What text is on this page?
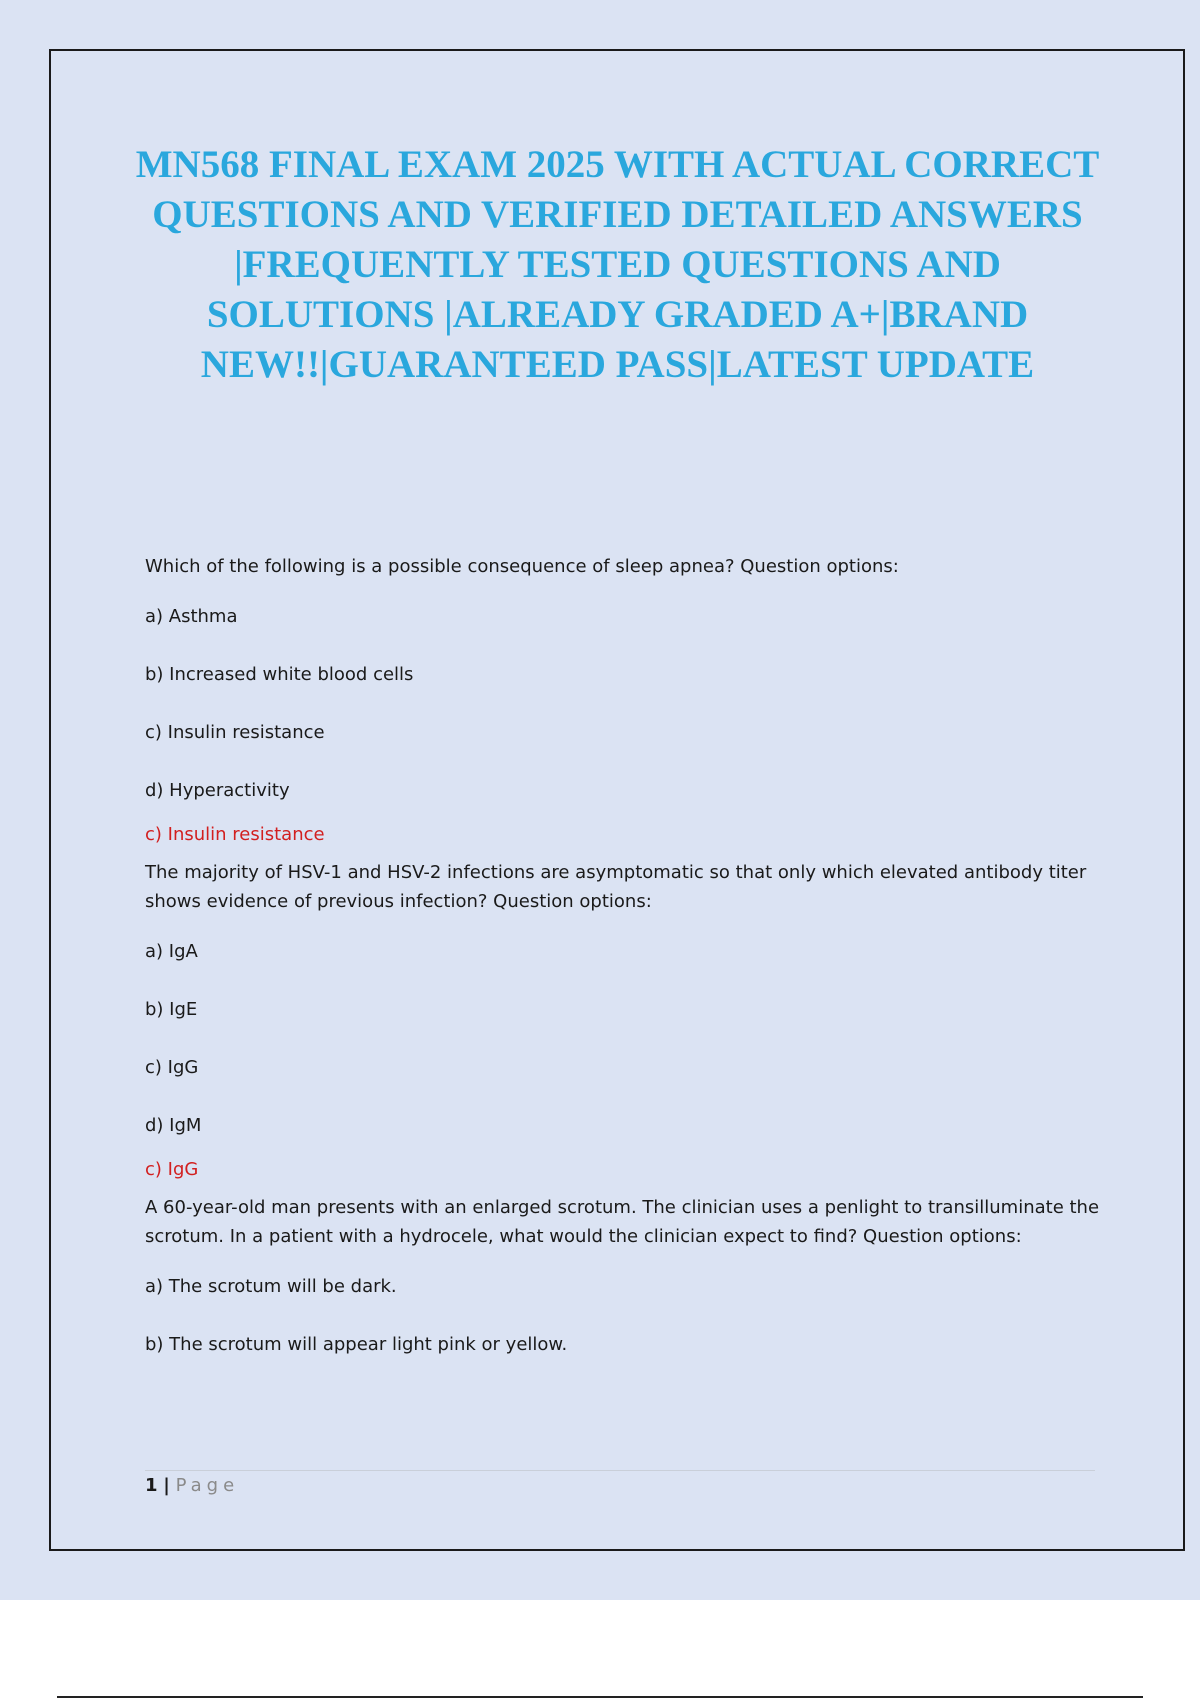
MN568 FINAL EXAM 2025 WITH ACTUAL CORRECT QUESTIONS AND VERIFIED DETAILED ANSWERS |FREQUENTLY TESTED QUESTIONS AND SOLUTIONS |ALREADY GRADED A+|BRAND NEW!!|GUARANTEED PASS|LATEST UPDATE

Which of the following is a possible consequence of sleep apnea? Question options:

a) Asthma

b) Increased white blood cells

c) Insulin resistance

d) Hyperactivity

c) Insulin resistance

The majority of HSV-1 and HSV-2 infections are asymptomatic so that only which elevated antibody titer shows evidence of previous infection? Question options:

a) IgA

b) IgE

c) IgG

d) IgM

c) IgG

A 60-year-old man presents with an enlarged scrotum. The clinician uses a penlight to transilluminate the scrotum. In a patient with a hydrocele, what would the clinician expect to find? Question options:

a) The scrotum will be dark.

b) The scrotum will appear light pink or yellow.

1 | Page
